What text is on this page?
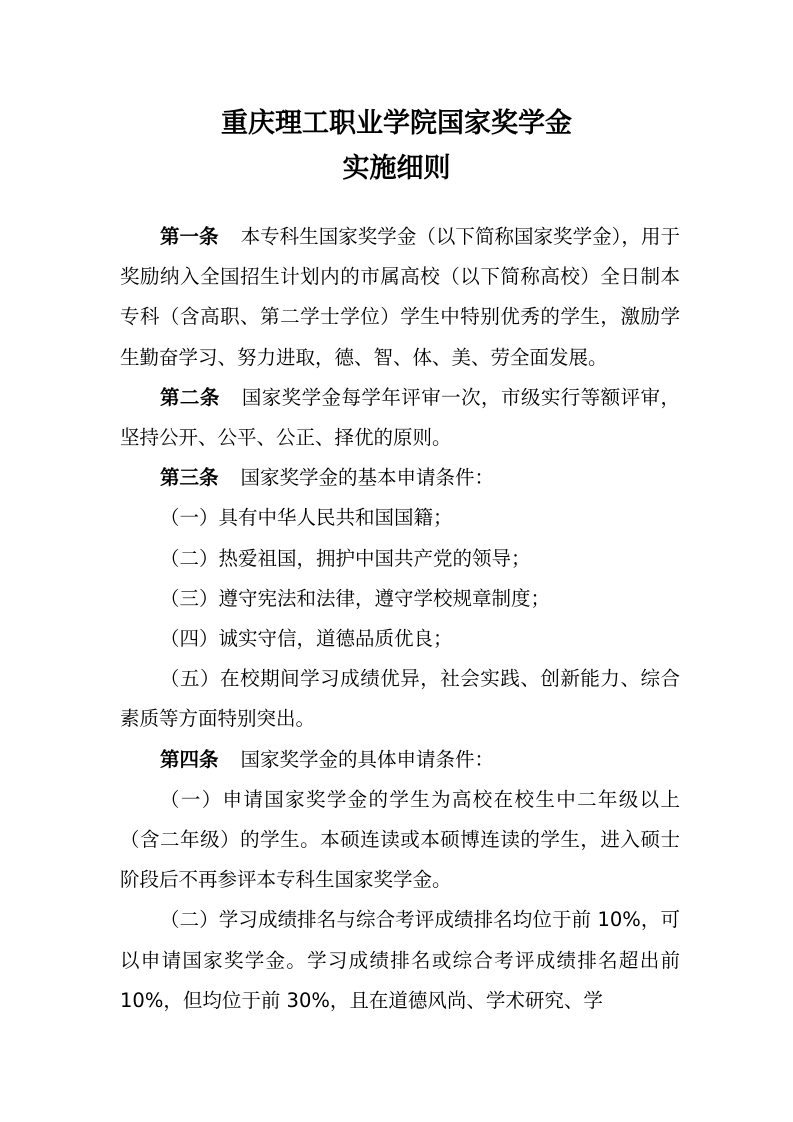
重庆理工职业学院国家奖学金
实施细则

第一条 本专科生国家奖学金（以下简称国家奖学金），用于奖励纳入全国招生计划内的市属高校（以下简称高校）全日制本专科（含高职、第二学士学位）学生中特别优秀的学生，激励学生勤奋学习、努力进取，德、智、体、美、劳全面发展。

第二条 国家奖学金每学年评审一次，市级实行等额评审，坚持公开、公平、公正、择优的原则。

第三条 国家奖学金的基本申请条件：

（一）具有中华人民共和国国籍；

（二）热爱祖国，拥护中国共产党的领导；

（三）遵守宪法和法律，遵守学校规章制度；

（四）诚实守信，道德品质优良；

（五）在校期间学习成绩优异，社会实践、创新能力、综合素质等方面特别突出。

第四条 国家奖学金的具体申请条件：

（一）申请国家奖学金的学生为高校在校生中二年级以上（含二年级）的学生。本硕连读或本硕博连读的学生，进入硕士阶段后不再参评本专科生国家奖学金。

（二）学习成绩排名与综合考评成绩排名均位于前 10%，可以申请国家奖学金。学习成绩排名或综合考评成绩排名超出前 10%，但均位于前 30%，且在道德风尚、学术研究、学
